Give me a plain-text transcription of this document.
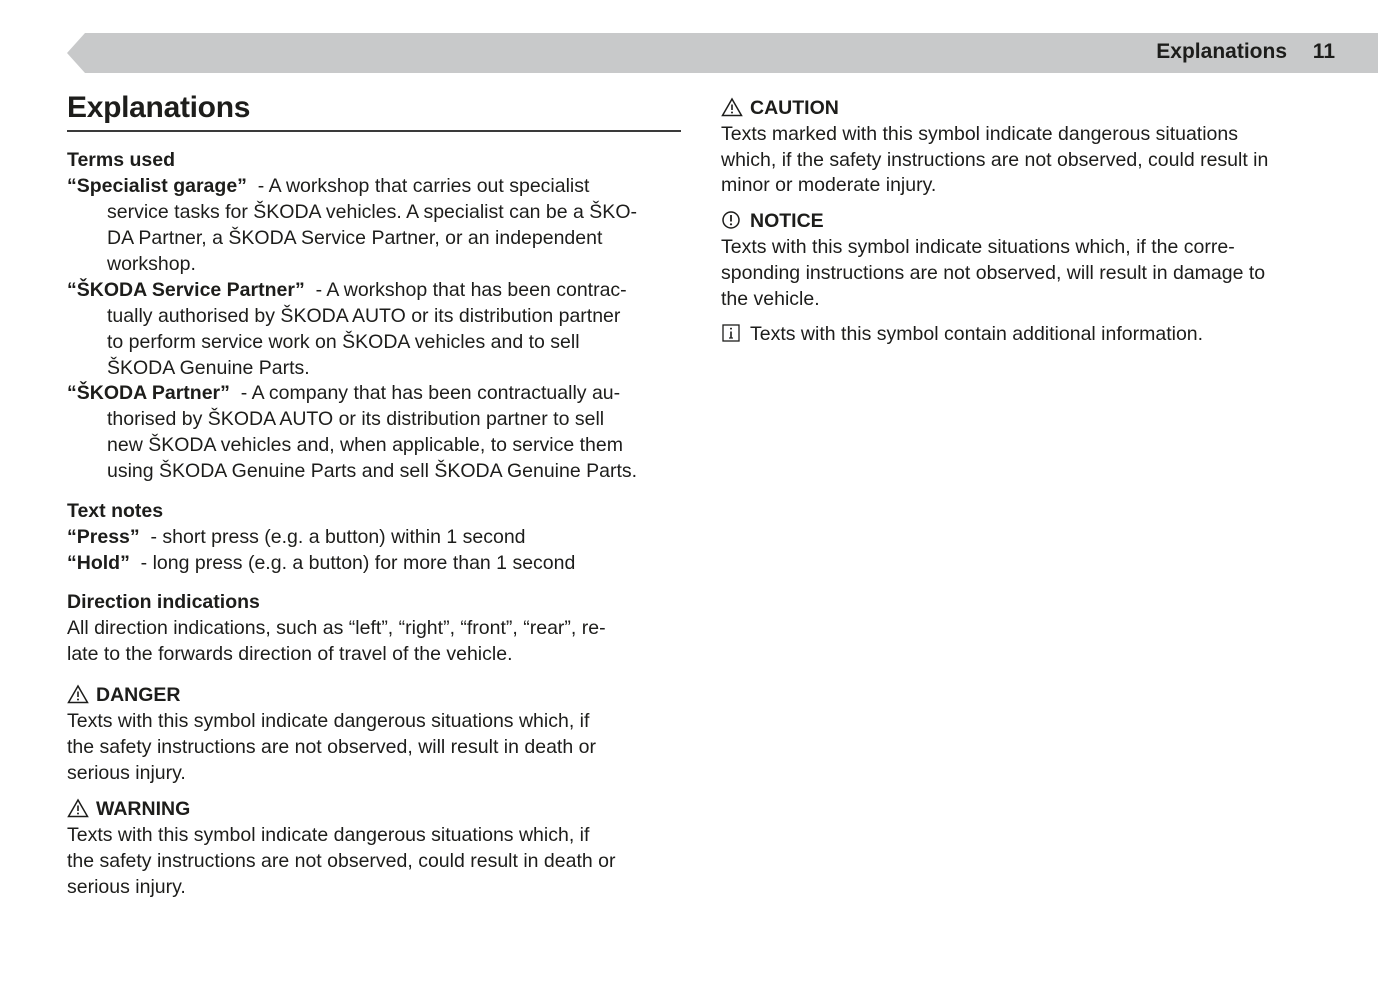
Explanations 11
Explanations
Terms used
“Specialist garage” - A workshop that carries out specialist
service tasks for ŠKODA vehicles. A specialist can be a ŠKO-
DA Partner, a ŠKODA Service Partner, or an independent
workshop.
“ŠKODA Service Partner” - A workshop that has been contrac-
tually authorised by ŠKODA AUTO or its distribution partner
to perform service work on ŠKODA vehicles and to sell
ŠKODA Genuine Parts.
“ŠKODA Partner” - A company that has been contractually au-
thorised by ŠKODA AUTO or its distribution partner to sell
new ŠKODA vehicles and, when applicable, to service them
using ŠKODA Genuine Parts and sell ŠKODA Genuine Parts.
Text notes
“Press” - short press (e.g. a button) within 1 second
“Hold” - long press (e.g. a button) for more than 1 second
Direction indications
All direction indications, such as “left”, “right”, “front”, “rear”, re-
late to the forwards direction of travel of the vehicle.
DANGER
Texts with this symbol indicate dangerous situations which, if
the safety instructions are not observed, will result in death or
serious injury.
WARNING
Texts with this symbol indicate dangerous situations which, if
the safety instructions are not observed, could result in death or
serious injury.
CAUTION
Texts marked with this symbol indicate dangerous situations
which, if the safety instructions are not observed, could result in
minor or moderate injury.
NOTICE
Texts with this symbol indicate situations which, if the corre-
sponding instructions are not observed, will result in damage to
the vehicle.
Texts with this symbol contain additional information.
